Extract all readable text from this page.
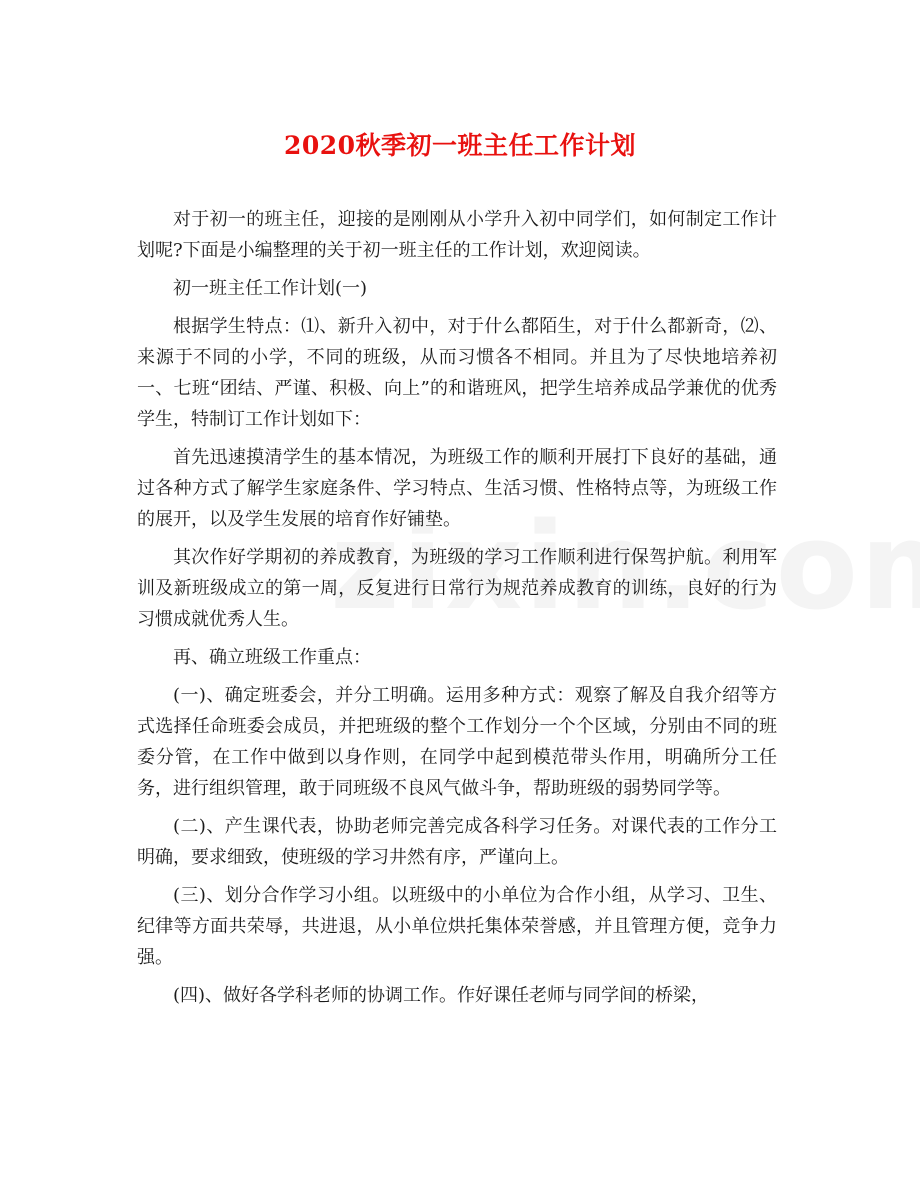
2020秋季初一班主任工作计划

对于初一的班主任，迎接的是刚刚从小学升入初中同学们，如何制定工作计划呢?下面是小编整理的关于初一班主任的工作计划，欢迎阅读。

初一班主任工作计划(一)

根据学生特点：⑴、新升入初中，对于什么都陌生，对于什么都新奇，⑵、来源于不同的小学，不同的班级，从而习惯各不相同。并且为了尽快地培养初一、七班“团结、严谨、积极、向上”的和谐班风，把学生培养成品学兼优的优秀学生，特制订工作计划如下：

首先迅速摸清学生的基本情况，为班级工作的顺利开展打下良好的基础，通过各种方式了解学生家庭条件、学习特点、生活习惯、性格特点等，为班级工作的展开，以及学生发展的培育作好铺垫。

其次作好学期初的养成教育，为班级的学习工作顺利进行保驾护航。利用军训及新班级成立的第一周，反复进行日常行为规范养成教育的训练，良好的行为习惯成就优秀人生。

再、确立班级工作重点：

(一)、确定班委会，并分工明确。运用多种方式：观察了解及自我介绍等方式选择任命班委会成员，并把班级的整个工作划分一个个区域，分别由不同的班委分管，在工作中做到以身作则，在同学中起到模范带头作用，明确所分工任务，进行组织管理，敢于同班级不良风气做斗争，帮助班级的弱势同学等。

(二)、产生课代表，协助老师完善完成各科学习任务。对课代表的工作分工明确，要求细致，使班级的学习井然有序，严谨向上。

(三)、划分合作学习小组。以班级中的小单位为合作小组，从学习、卫生、纪律等方面共荣辱，共进退，从小单位烘托集体荣誉感，并且管理方便，竞争力强。

(四)、做好各学科老师的协调工作。作好课任老师与同学间的桥梁，
